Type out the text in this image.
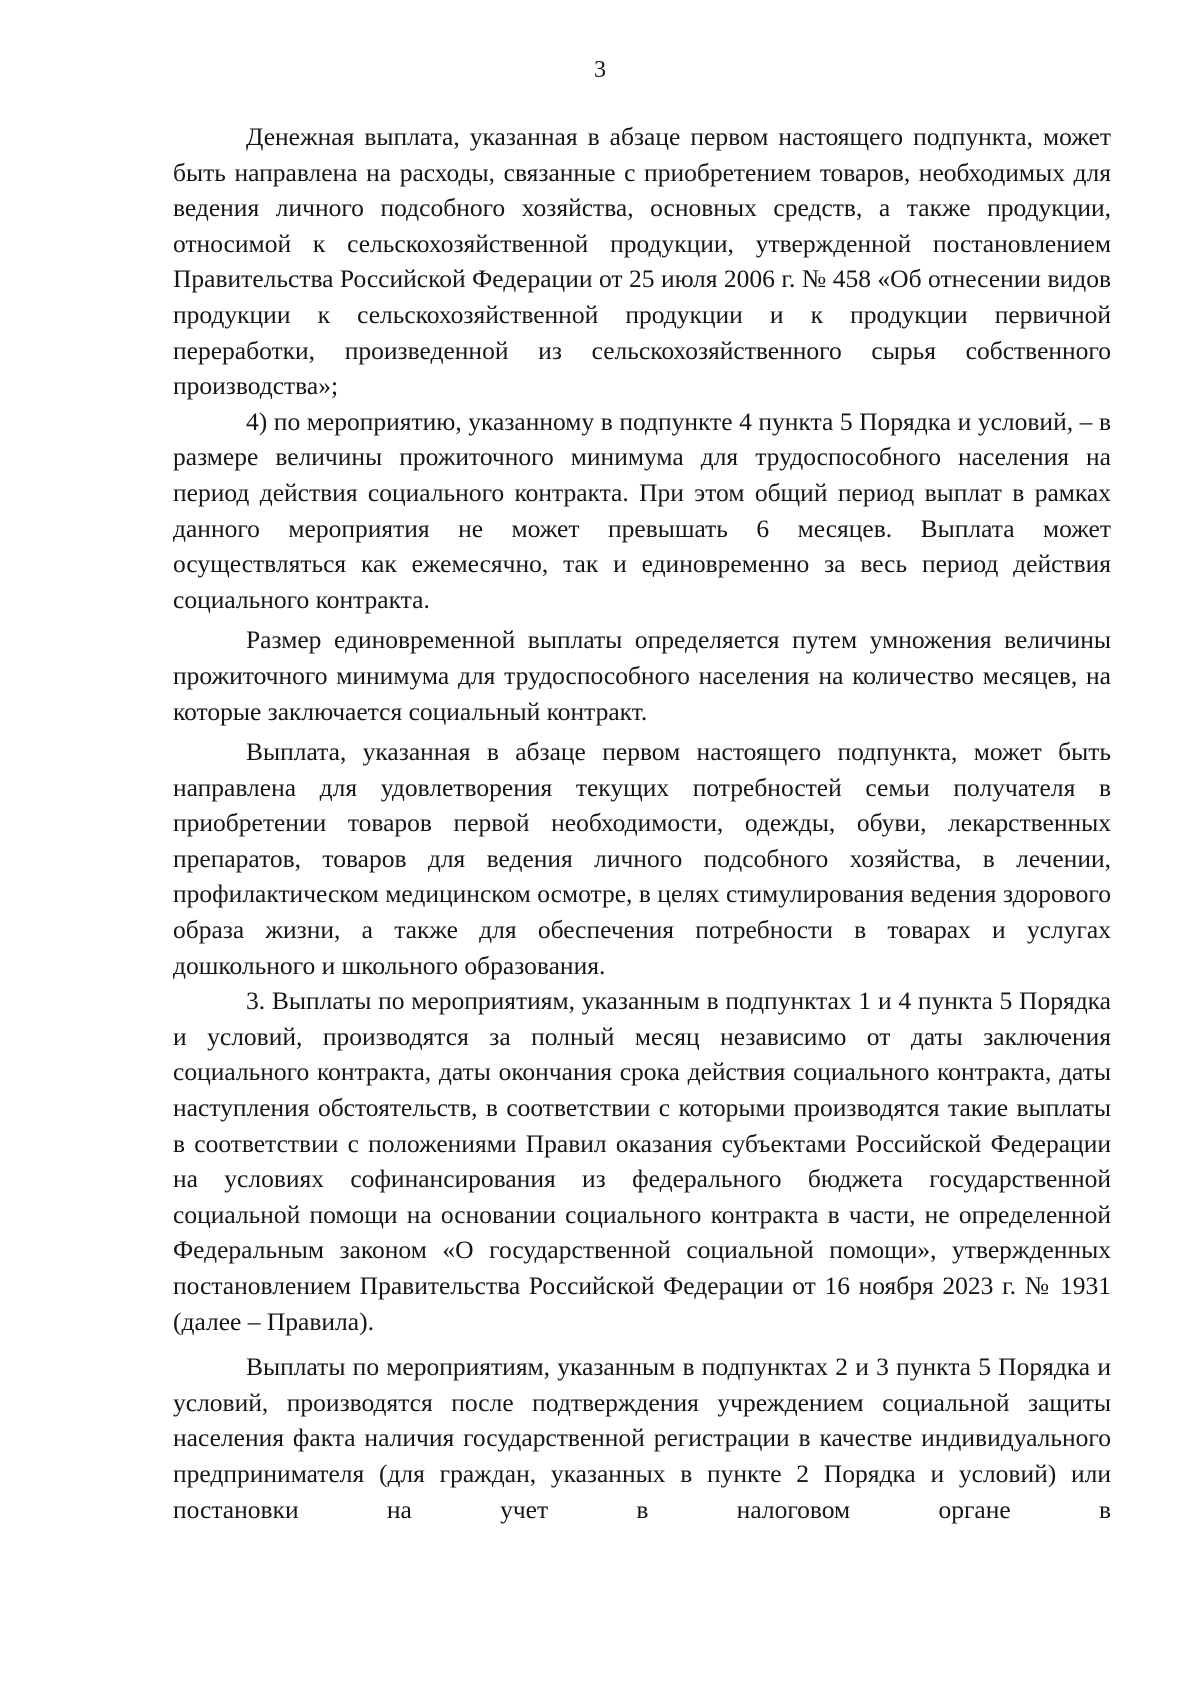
3

Денежная выплата, указанная в абзаце первом настоящего подпункта, может быть направлена на расходы, связанные с приобретением товаров, необходимых для ведения личного подсобного хозяйства, основных средств, а также продукции, относимой к сельскохозяйственной продукции, утвержденной постановлением Правительства Российской Федерации от 25 июля 2006 г. № 458 «Об отнесении видов продукции к сельскохозяйственной продукции и к продукции первичной переработки, произведенной из сельскохозяйственного сырья собственного производства»;

4) по мероприятию, указанному в подпункте 4 пункта 5 Порядка и условий, – в размере величины прожиточного минимума для трудоспособного населения на период действия социального контракта. При этом общий период выплат в рамках данного мероприятия не может превышать 6 месяцев. Выплата может осуществляться как ежемесячно, так и единовременно за весь период действия социального контракта.

Размер единовременной выплаты определяется путем умножения величины прожиточного минимума для трудоспособного населения на количество месяцев, на которые заключается социальный контракт.

Выплата, указанная в абзаце первом настоящего подпункта, может быть направлена для удовлетворения текущих потребностей семьи получателя в приобретении товаров первой необходимости, одежды, обуви, лекарственных препаратов, товаров для ведения личного подсобного хозяйства, в лечении, профилактическом медицинском осмотре, в целях стимулирования ведения здорового образа жизни, а также для обеспечения потребности в товарах и услугах дошкольного и школьного образования.

3. Выплаты по мероприятиям, указанным в подпунктах 1 и 4 пункта 5 Порядка и условий, производятся за полный месяц независимо от даты заключения социального контракта, даты окончания срока действия социального контракта, даты наступления обстоятельств, в соответствии с которыми производятся такие выплаты в соответствии с положениями Правил оказания субъектами Российской Федерации на условиях софинансирования из федерального бюджета государственной социальной помощи на основании социального контракта в части, не определенной Федеральным законом «О государственной социальной помощи», утвержденных постановлением Правительства Российской Федерации от 16 ноября 2023 г. № 1931 (далее – Правила).

Выплаты по мероприятиям, указанным в подпунктах 2 и 3 пункта 5 Порядка и условий, производятся после подтверждения учреждением социальной защиты населения факта наличия государственной регистрации в качестве индивидуального предпринимателя (для граждан, указанных в пункте 2 Порядка и условий) или постановки на учет в налоговом органе в
